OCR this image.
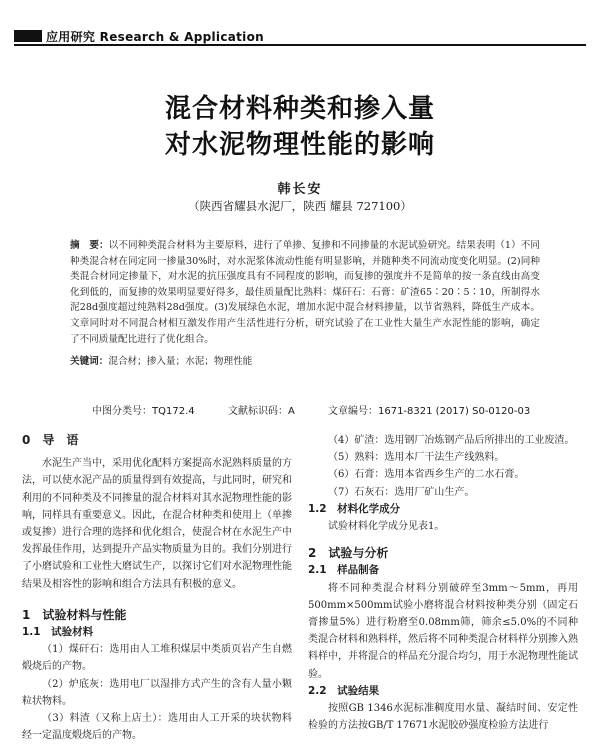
应用研究 Research & Application
混合材料种类和掺入量
对水泥物理性能的影响
韩长安
（陕西省耀县水泥厂，陕西 耀县 727100）
摘　要：以不同种类混合材料为主要原料，进行了单掺、复掺和不同掺量的水泥试验研究。结果表明（1）不同种类混合材在同定同一掺量30%时，对水泥浆体流动性能有明显影响，并随种类不同流动度变化明显。(2)同种类混合材同定掺量下，对水泥的抗压强度具有不同程度的影响，而复掺的强度并不是简单的按一条直线由高变化到低的，而复掺的效果明显要好得多，最佳质量配比熟料：煤矸石：石膏：矿渣65∶20∶5∶10，所制得水泥28d强度超过纯熟料28d强度。(3)发展绿色水泥，增加水泥中混合材料掺量，以节省熟料，降低生产成本。文章同时对不同混合材相互激发作用产生活性进行分析，研究试验了在工业性大量生产水泥性能的影响，确定了不同质量配比进行了优化组合。
关键词：混合材；掺入量；水泥；物理性能
中图分类号：TQ172.4	文献标识码：A	文章编号：1671-8321 (2017) S0-0120-03
0　导　语

水泥生产当中，采用优化配料方案提高水泥熟料质量的方法，可以使水泥产品的质量得到有效提高，与此同时，研究和利用的不同种类及不同掺量的混合材料对其水泥物理性能的影响，同样具有重要意义。因此，在混合材种类和使用上（单掺或复掺）进行合理的选择和优化组合，使混合材在水泥生产中发挥最佳作用，达到提升产品实物质量为目的。我们分别进行了小磨试验和工业性大磨试生产，以探讨它们对水泥物理性能结果及相容性的影响和组合方法具有积极的意义。

1　试验材料与性能
1.1　试验材料

（1）煤矸石：选用由人工堆积煤层中类质页岩产生自燃煅烧后的产物。

（2）炉底灰：选用电厂以湿排方式产生的含有人量小颗粒状物料。

（3）料渣（又称上店土）：选用由人工开采的块状物料经一定温度煅烧后的产物。

（4）矿渣：选用钢厂冶炼钢产品后所排出的工业废渣。

（5）熟料：选用本厂干法生产线熟料。

（6）石膏：选用本省西乡生产的二水石膏。

（7）石灰石：选用厂矿山生产。

1.2　材料化学成分

试验材料化学成分见表1。

2　试验与分析
2.1　样品制备

将不同种类混合材料分别破碎至3mm～5mm，再用500mm×500mm试验小磨将混合材料按种类分别（固定石膏掺量5%）进行粉磨至0.08mm筛，筛余≤5.0%的不同种类混合材料和熟料样，然后将不同种类混合材料样分别掺入熟料样中，并将混合的样品充分混合均匀，用于水泥物理性能试验。

2.2　试验结果

按照GB 1346水泥标准稠度用水量、凝结时间、安定性检验的方法按GB/T 17671水泥胶砂强度检验方法进行
